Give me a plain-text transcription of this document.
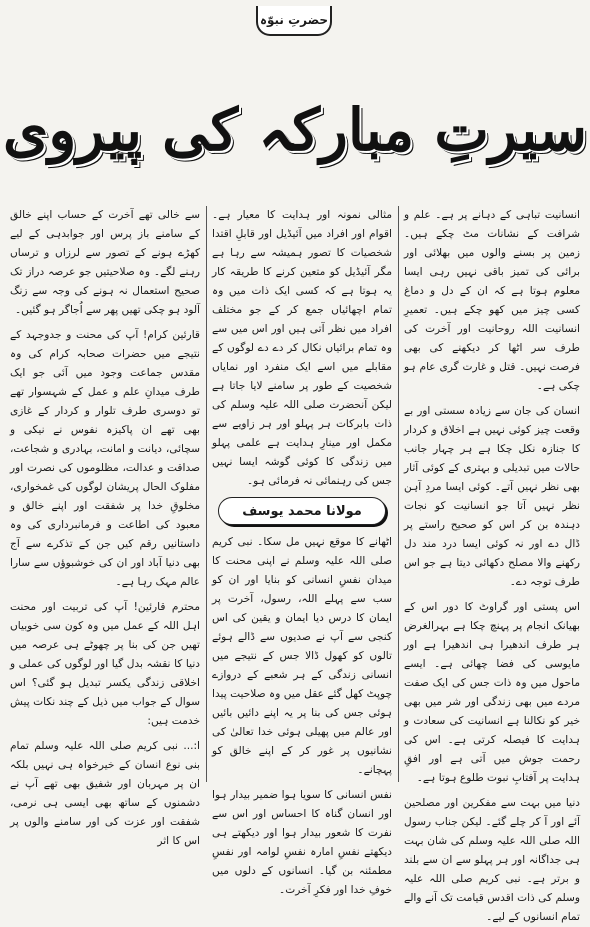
حضرتِ نبوّہ
سیرتِ مبارکہ کی پیروی

انسانیت تباہی کے دہانے پر ہے۔ علم و شرافت کے نشانات مٹ چکے ہیں۔ زمین پر بسنے والوں میں بھلائی اور برائی کی تمیز باقی نہیں رہی ایسا معلوم ہوتا ہے کہ ان کے دل و دماغ کسی چیز میں کھو چکے ہیں۔ تعمیرِ انسانیت اللہ روحانیت اور آخرت کی طرف سر اٹھا کر دیکھنے کی بھی فرصت نہیں۔ قتل و غارت گری عام ہو چکی ہے۔

انسان کی جان سے زیادہ سستی اور بے وقعت چیز کوئی نہیں ہے اخلاق و کردار کا جنازہ نکل چکا ہے ہر چہار جانب حالات میں تبدیلی و بہتری کے کوئی آثار بھی نظر نہیں آتے۔ کوئی ایسا مردِ آہن نظر نہیں آتا جو انسانیت کو نجات دہندہ بن کر اس کو صحیح راستے پر ڈال دے اور نہ کوئی ایسا درد مند دل رکھنے والا مصلح دکھائی دیتا ہے جو اس طرف توجہ دے۔

اس پستی اور گراوٹ کا دور اس کے بھیانک انجام پر پہنچ چکا ہے بہرالغرض ہر طرف اندھیرا ہی اندھیرا ہے اور مایوسی کی فضا چھائی ہے۔ ایسے ماحول میں وہ ذات جس کی ایک صفت مردے میں بھی زندگی اور شر میں بھی خیر کو نکالنا ہے انسانیت کی سعادت و ہدایت کا فیصلہ کرتی ہے۔ اس کی رحمت جوش میں آتی ہے اور افقِ ہدایت پر آفتابِ نبوت طلوع ہوتا ہے۔

دنیا میں بہت سے مفکرین اور مصلحین آئے اور آ کر چلے گئے۔ لیکن جناب رسول اللہ صلی اللہ علیہ وسلم کی شان بہت ہی جداگانہ اور ہر پہلو سے ان سے بلند و برتر ہے۔ نبی کریم صلی اللہ علیہ وسلم کی ذات اقدس قیامت تک آنے والے تمام انسانوں کے لیے۔

مثالی نمونہ اور ہدایت کا معیار ہے۔ اقوام اور افراد میں آئیڈیل اور قابلِ اقتدا شخصیات کا تصور ہمیشہ سے رہا ہے مگر آئیڈیل کو متعین کرنے کا طریقہ کار یہ ہوتا ہے کہ کسی ایک ذات میں وہ تمام اچھائیاں جمع کر کے جو مختلف افراد میں نظر آتی ہیں اور اس میں سے وہ تمام برائیاں نکال کر دے دے لوگوں کے مقابلے میں اسے ایک منفرد اور نمایاں شخصیت کے طور پر سامنے لایا جاتا ہے لیکن آنحضرت صلی اللہ علیہ وسلم کی ذات بابرکات ہر پہلو اور ہر زاویے سے مکمل اور مینارِ ہدایت ہے علمی پہلو میں زندگی کا کوئی گوشہ ایسا نہیں جس کی رہنمائی نہ فرمائی ہو۔

مولانا محمد یوسف

اٹھانے کا موقع نہیں مل سکا۔ نبی کریم صلی اللہ علیہ وسلم نے اپنی محنت کا میدان نفسِ انسانی کو بنایا اور ان کو سب سے پہلے اللہ، رسول، آخرت پر ایمان کا درس دیا ایمان و یقین کی اس کنجی سے آپ نے صدیوں سے ڈالے ہوئے تالوں کو کھول ڈالا جس کے نتیجے میں انسانی زندگی کے ہر شعبے کے دروازے چوپٹ کھل گئے عقل میں وہ صلاحیت پیدا ہوئی جس کی بنا پر یہ اپنے دائیں بائیں اور عالم میں پھیلی ہوئی خدا تعالیٰ کی نشانیوں پر غور کر کے اپنے خالق کو پہچانے۔

نفس انسانی کا سویا ہوا ضمیر بیدار ہوا اور انسان گناہ کا احساس اور اس سے نفرت کا شعور بیدار ہوا اور دیکھتے ہی دیکھتے نفسِ امارہ نفسِ لوامہ اور نفسِ مطمئنہ بن گیا۔ انسانوں کے دلوں میں خوفِ خدا اور فکرِ آخرت۔

سے خالی تھے آخرت کے حساب اپنے خالق کے سامنے باز پرس اور جوابدہی کے لیے کھڑے ہونے کے تصور سے لرزاں و ترساں رہنے لگے۔ وہ صلاحیتیں جو عرصہ دراز تک صحیح استعمال نہ ہونے کی وجہ سے زنگ آلود ہو چکی تھیں پھر سے اُجاگر ہو گئیں۔

قارئین کرام! آپ کی محنت و جدوجہد کے نتیجے میں حضرات صحابہ کرام کی وہ مقدس جماعت وجود میں آئی جو ایک طرف میدانِ علم و عمل کے شہسوار تھے تو دوسری طرف تلوار و کردار کے غازی بھی تھے ان پاکیزہ نفوس نے نیکی و سچائی، دیانت و امانت، بہادری و شجاعت، صداقت و عدالت، مظلوموں کی نصرت اور مفلوک الحال پریشان لوگوں کی غمخواری، مخلوقِ خدا پر شفقت اور اپنے خالق و معبود کی اطاعت و فرمانبرداری کی وہ داستانیں رقم کیں جن کے تذکرے سے آج بھی دنیا آباد اور ان کی خوشبوؤں سے سارا عالم مہک رہا ہے۔

محترم قارئین! آپ کی تربیت اور محنت اہل اللہ کے عمل میں وہ کون سی خوبیاں تھیں جن کی بنا پر چھوٹے ہی عرصہ میں دنیا کا نقشہ بدل گیا اور لوگوں کی عملی و اخلاقی زندگی یکسر تبدیل ہو گئی؟ اس سوال کے جواب میں ذیل کے چند نکات پیش خدمت ہیں:

ا:... نبی کریم صلی اللہ علیہ وسلم تمام بنی نوع انسان کے خیرخواہ ہی نہیں بلکہ ان پر مہربان اور شفیق بھی تھے آپ نے دشمنوں کے ساتھ بھی ایسی ہی نرمی، شفقت اور عزت کی اور سامنے والوں پر اس کا اثر
